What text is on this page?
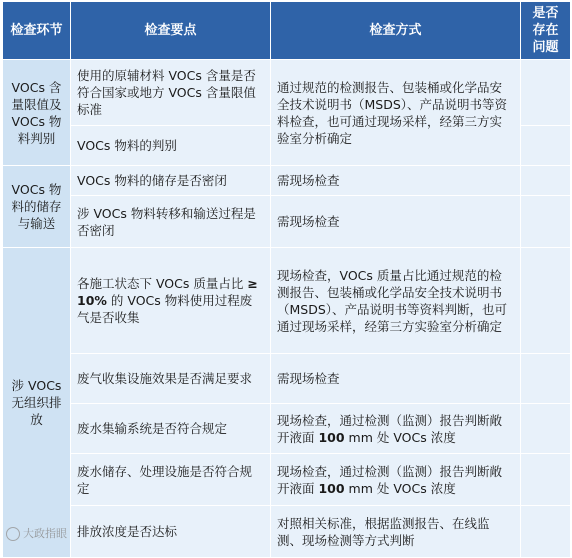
检查环节	检查要点	检查方式	是否存在问题
VOCs 含量限值及 VOCs 物料判别	使用的原辅材料 VOCs 含量是否符合国家或地方 VOCs 含量限值标准	通过规范的检测报告、包装桶或化学品安全技术说明书（MSDS）、产品说明书等资料检查，也可通过现场采样，经第三方实验室分析确定	
	VOCs 物料的判别		
VOCs 物料的储存与输送	VOCs 物料的储存是否密闭	需现场检查	
	涉 VOCs 物料转移和输送过程是否密闭	需现场检查	
涉 VOCs 无组织排放	各施工状态下 VOCs 质量占比 ≥ 10% 的 VOCs 物料使用过程废气是否收集	现场检查，VOCs 质量占比通过规范的检测报告、包装桶或化学品安全技术说明书（MSDS）、产品说明书等资料判断，也可通过现场采样，经第三方实验室分析确定	
	废气收集设施效果是否满足要求	需现场检查	
	废水集输系统是否符合规定	现场检查，通过检测（监测）报告判断敞开液面 100 mm 处 VOCs 浓度	
	废水储存、处理设施是否符合规定	现场检查，通过检测（监测）报告判断敞开液面 100 mm 处 VOCs 浓度	
	排放浓度是否达标	对照相关标准，根据监测报告、在线监测、现场检测等方式判断	
大政指眼
